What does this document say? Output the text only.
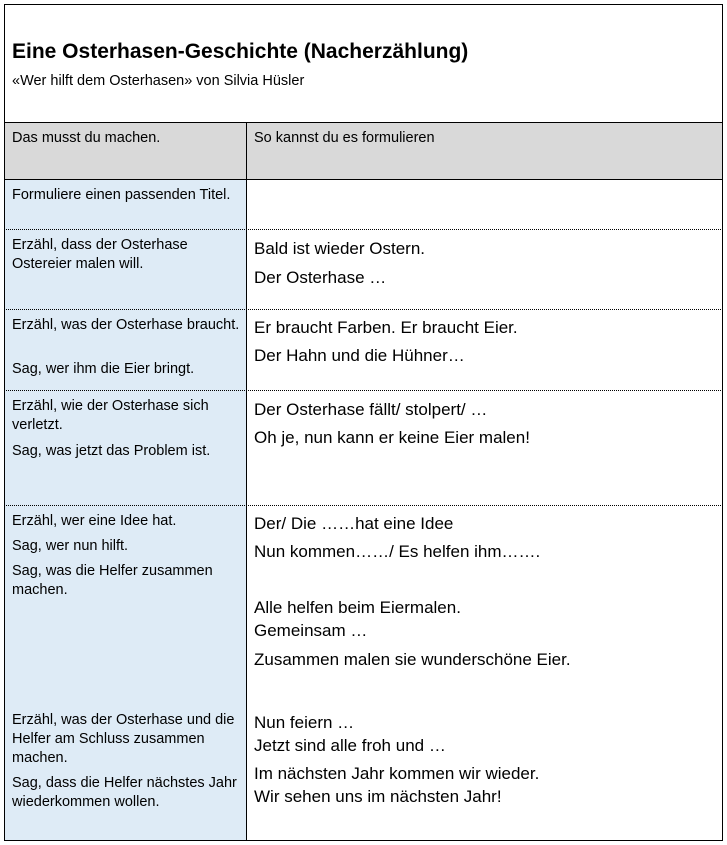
Eine Osterhasen-Geschichte (Nacherzählung)
«Wer hilft dem Osterhasen» von Silvia Hüsler
Das musst du machen.	So kannst du es formulieren
Formuliere einen passenden Titel.
Erzähl, dass der Osterhase Ostereier malen will.
Bald ist wieder Ostern.
Der Osterhase …
Erzähl, was der Osterhase braucht.
Sag, wer ihm die Eier bringt.
Er braucht Farben. Er braucht Eier.
Der Hahn und die Hühner…
Erzähl, wie der Osterhase sich verletzt.
Sag, was jetzt das Problem ist.
Der Osterhase fällt/ stolpert/ …
Oh je, nun kann er keine Eier malen!
Erzähl, wer eine Idee hat.
Sag, wer nun hilft.
Sag, was die Helfer zusammen machen.
Der/ Die ……hat eine Idee
Nun kommen……/ Es helfen ihm…….
Alle helfen beim Eiermalen.
Gemeinsam …
Zusammen malen sie wunderschöne Eier.
Erzähl, was der Osterhase und die Helfer am Schluss zusammen machen.
Sag, dass die Helfer nächstes Jahr wiederkommen wollen.
Nun feiern …
Jetzt sind alle froh und …
Im nächsten Jahr kommen wir wieder.
Wir sehen uns im nächsten Jahr!
